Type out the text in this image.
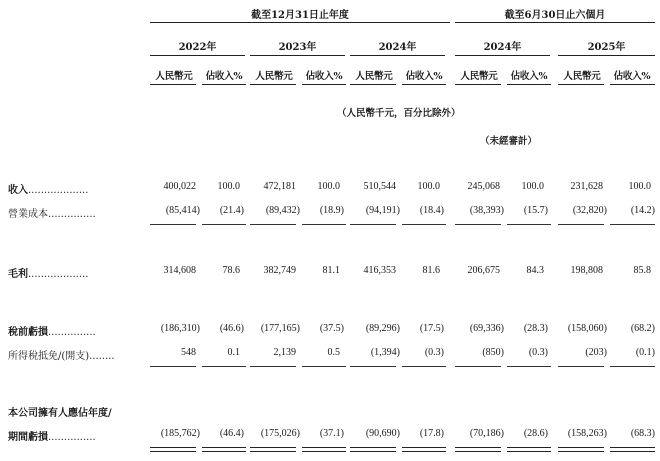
截至12月31日止年度	截至6月30日止六個月
2022年	2023年	2024年	2024年	2025年
人民幣元	佔收入%	人民幣元	佔收入%	人民幣元	佔收入%	人民幣元	佔收入%	人民幣元	佔收入%
（人民幣千元，百分比除外）
（未經審計）
收入...................	400,022	100.0	472,181	100.0	510,544	100.0	245,068	100.0	231,628	100.0
營業成本...............	(85,414)	(21.4)	(89,432)	(18.9)	(94,191)	(18.4)	(38,393)	(15.7)	(32,820)	(14.2)
毛利...................	314,608	78.6	382,749	81.1	416,353	81.6	206,675	84.3	198,808	85.8
稅前虧損...............	(186,310)	(46.6)	(177,165)	(37.5)	(89,296)	(17.5)	(69,336)	(28.3)	(158,060)	(68.2)
所得稅抵免/(開支)........	548	0.1	2,139	0.5	(1,394)	(0.3)	(850)	(0.3)	(203)	(0.1)
本公司擁有人應佔年度/
期間虧損...............	(185,762)	(46.4)	(175,026)	(37.1)	(90,690)	(17.8)	(70,186)	(28.6)	(158,263)	(68.3)
